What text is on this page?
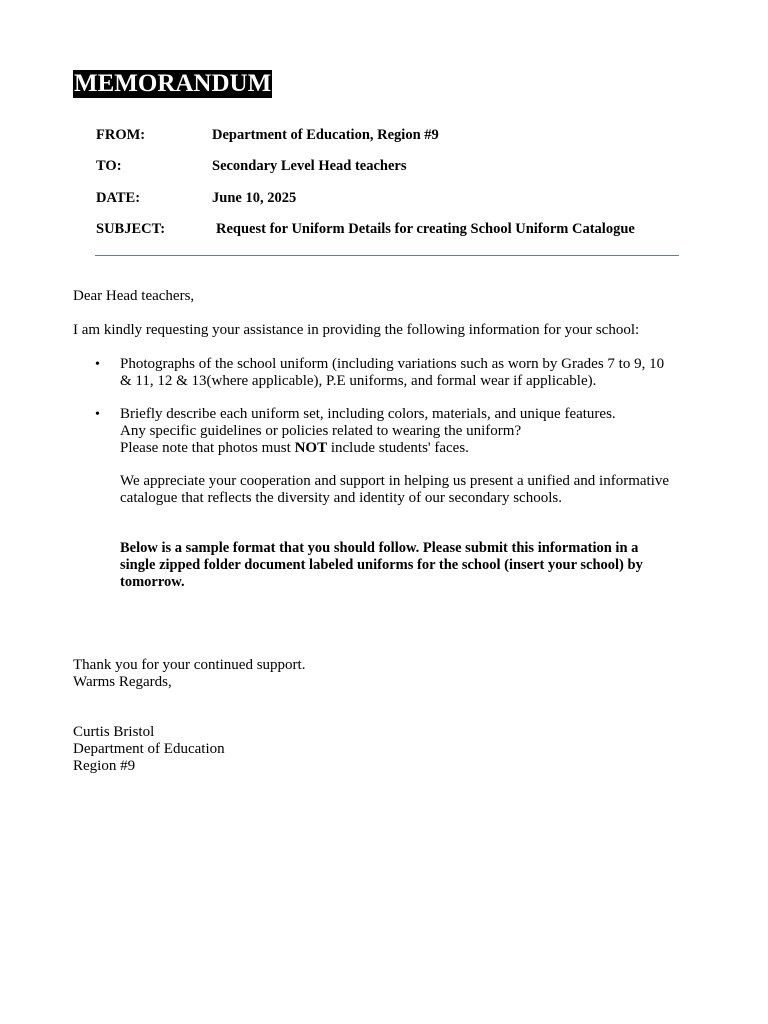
MEMORANDUM
FROM:	Department of Education, Region #9
TO:	Secondary Level Head teachers
DATE:	June 10, 2025
SUBJECT:	Request for Uniform Details for creating School Uniform Catalogue
Dear Head teachers,
I am kindly requesting your assistance in providing the following information for your school:
• Photographs of the school uniform (including variations such as worn by Grades 7 to 9, 10
& 11, 12 & 13(where applicable), P.E uniforms, and formal wear if applicable).
• Briefly describe each uniform set, including colors, materials, and unique features.
Any specific guidelines or policies related to wearing the uniform?
Please note that photos must NOT include students' faces.
We appreciate your cooperation and support in helping us present a unified and informative
catalogue that reflects the diversity and identity of our secondary schools.
Below is a sample format that you should follow. Please submit this information in a
single zipped folder document labeled uniforms for the school (insert your school) by
tomorrow.
Thank you for your continued support.
Warms Regards,
Curtis Bristol
Department of Education
Region #9
